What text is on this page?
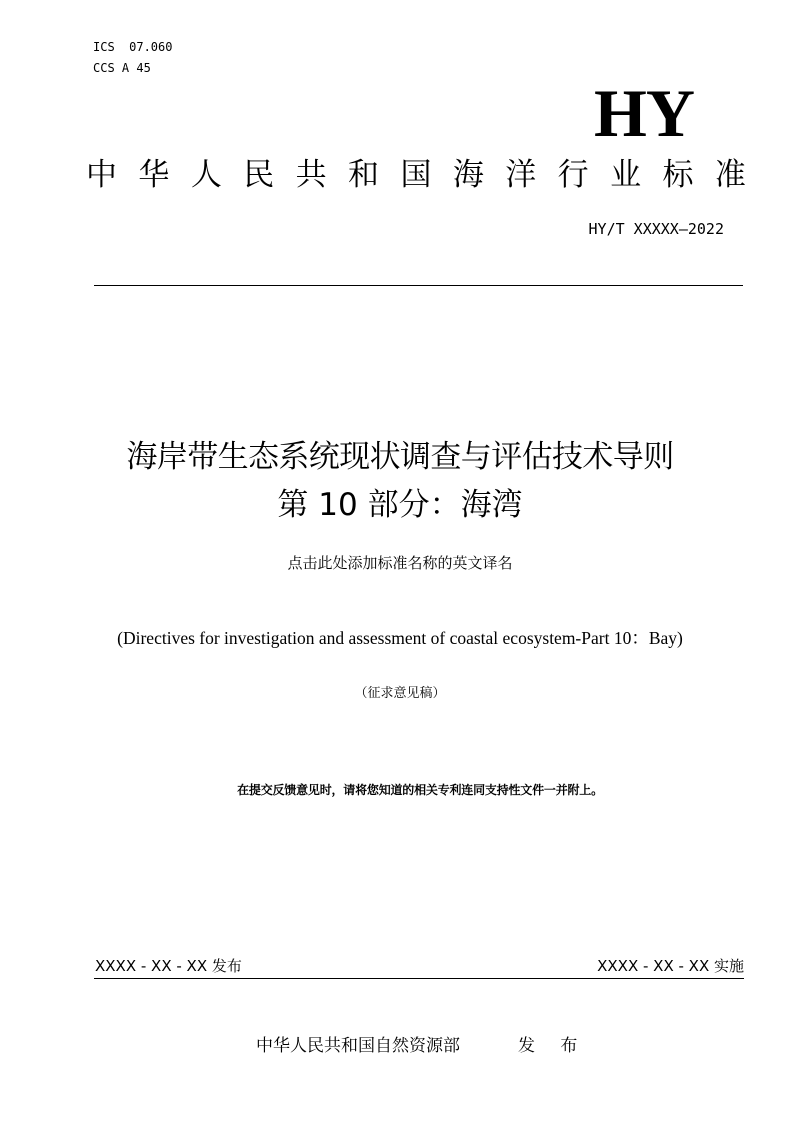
ICS  07.060
CCS A 45
HY
中 华 人 民 共 和 国 海 洋 行 业 标 准
HY/T XXXXX—2022
海岸带生态系统现状调查与评估技术导则
第 10 部分：海湾
点击此处添加标准名称的英文译名
(Directives for investigation and assessment of coastal ecosystem-Part 10：Bay)
（征求意见稿）
在提交反馈意见时，请将您知道的相关专利连同支持性文件一并附上。
XXXX - XX - XX 发布	XXXX - XX - XX 实施
中华人民共和国自然资源部	发 布
